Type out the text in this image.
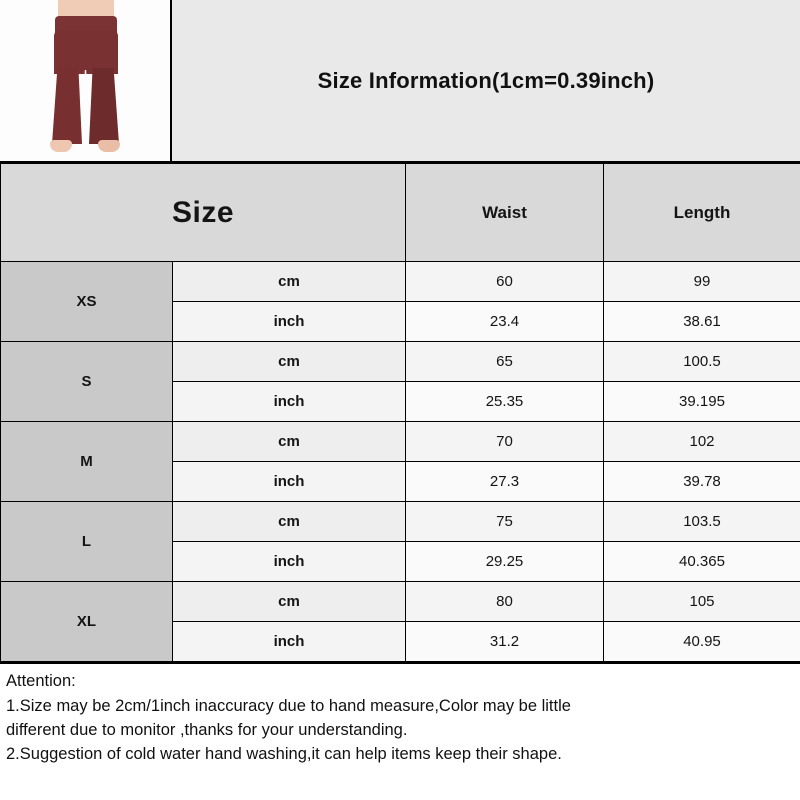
Size Information(1cm=0.39inch)
Size		Waist	Length
XS	cm	60	99
	inch	23.4	38.61
S	cm	65	100.5
	inch	25.35	39.195
M	cm	70	102
	inch	27.3	39.78
L	cm	75	103.5
	inch	29.25	40.365
XL	cm	80	105
	inch	31.2	40.95
Attention:
1.Size may be 2cm/1inch inaccuracy due to hand measure,Color may be little
different due to monitor ,thanks for your understanding.
2.Suggestion of cold water hand washing,it can help items keep their shape.
